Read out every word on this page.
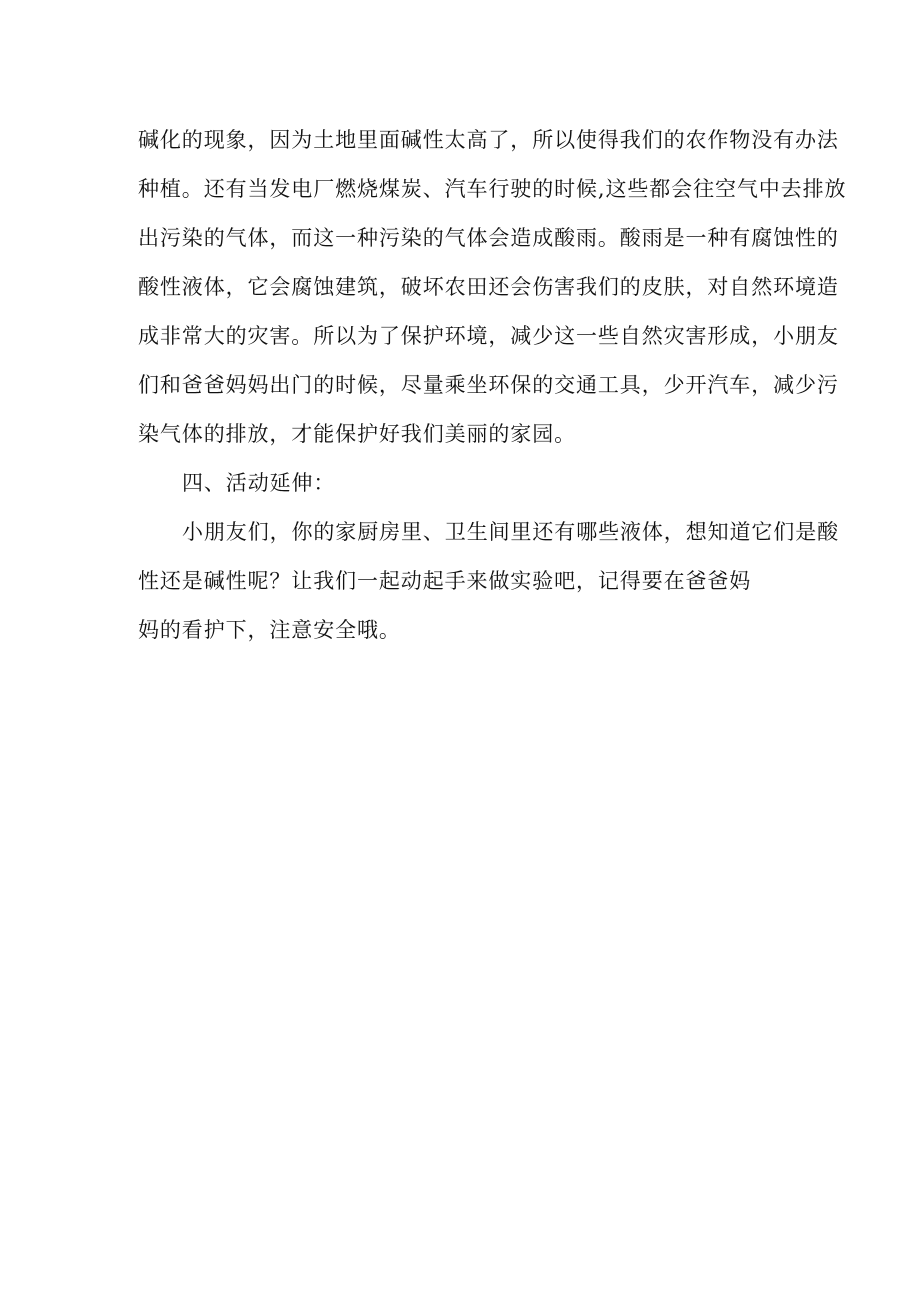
碱化的现象，因为土地里面碱性太高了，所以使得我们的农作物没有办法
种植。还有当发电厂燃烧煤炭、汽车行驶的时候,这些都会往空气中去排放
出污染的气体，而这一种污染的气体会造成酸雨。酸雨是一种有腐蚀性的
酸性液体，它会腐蚀建筑，破坏农田还会伤害我们的皮肤，对自然环境造
成非常大的灾害。所以为了保护环境，减少这一些自然灾害形成，小朋友
们和爸爸妈妈出门的时候，尽量乘坐环保的交通工具，少开汽车，减少污
染气体的排放，才能保护好我们美丽的家园。
四、活动延伸：
小朋友们，你的家厨房里、卫生间里还有哪些液体，想知道它们是酸
性还是碱性呢？让我们一起动起手来做实验吧，记得要在爸爸妈
妈的看护下，注意安全哦。
